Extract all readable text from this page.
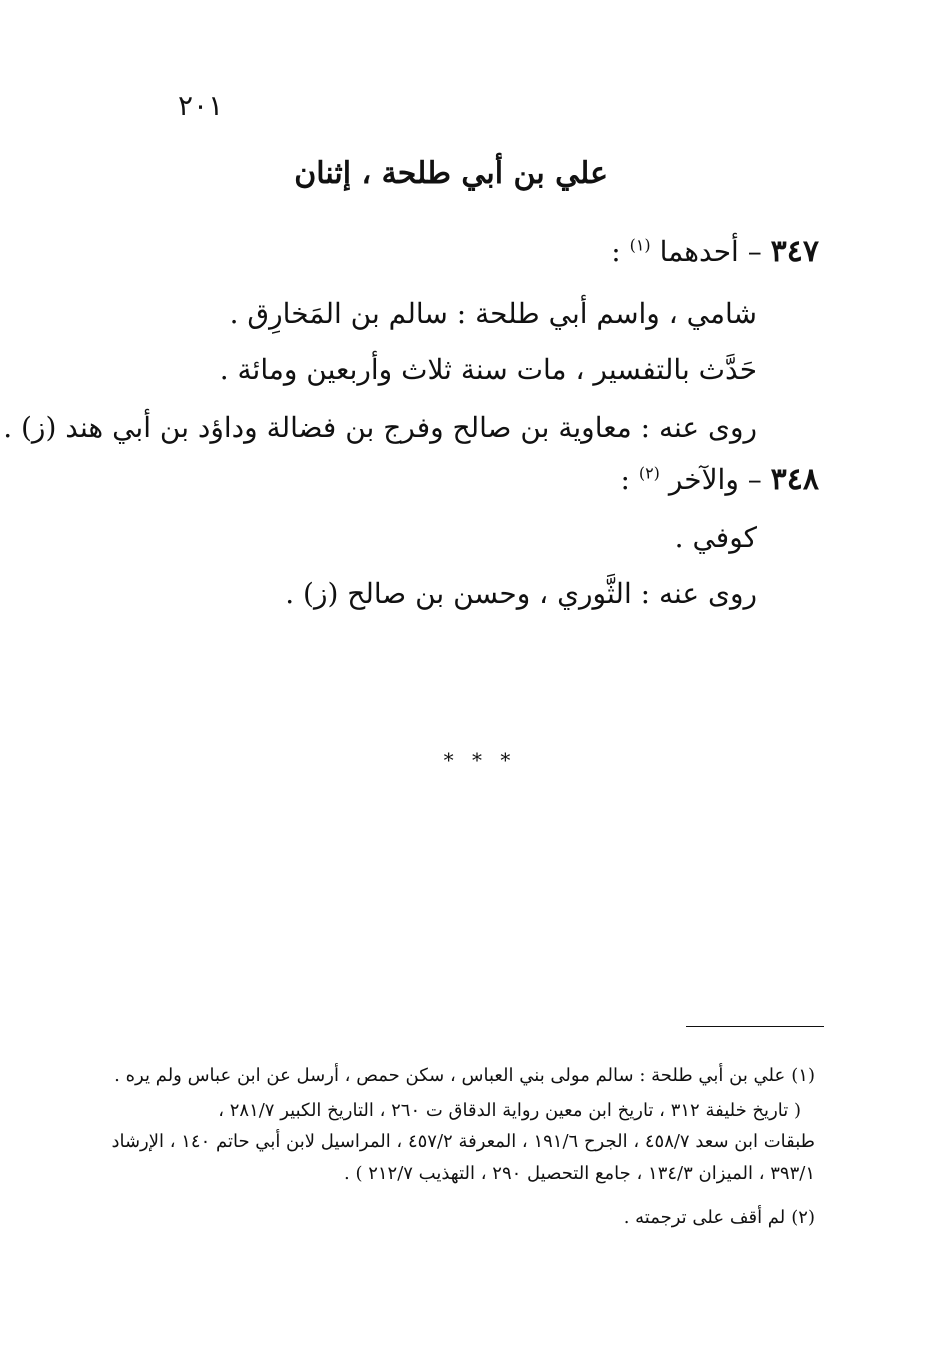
٢٠١
علي بن أبي طلحة ، إثنان
٣٤٧ – أحدهما $^{(١)}$ :
شامي ، واسم أبي طلحة : سالم بن المَخارِق .
حَدَّث بالتفسير ، مات سنة ثلاث وأربعين ومائة .
روى عنه : معاوية بن صالح وفرج بن فضالة وداؤد بن أبي هند (ز) .
٣٤٨ – والآخر $^{(٢)}$ :
كوفي .
روى عنه : الثَّوري ، وحسن بن صالح (ز) .
* * *
(١)علي بن أبي طلحة : سالم مولى بني العباس ، سكن حمص ، أرسل عن ابن عباس ولم يره .
( تاريخ خليفة ٣١٢ ، تاريخ ابن معين رواية الدقاق ت ٢٦٠ ، التاريخ الكبير ٢٨١/٧ ،
طبقات ابن سعد ٤٥٨/٧ ، الجرح ١٩١/٦ ، المعرفة ٤٥٧/٢ ، المراسيل لابن أبي حاتم ١٤٠ ، الإرشاد
٣٩٣/١ ، الميزان ١٣٤/٣ ، جامع التحصيل ٢٩٠ ، التهذيب ٢١٢/٧ ) .
(٢)لم أقف على ترجمته .
